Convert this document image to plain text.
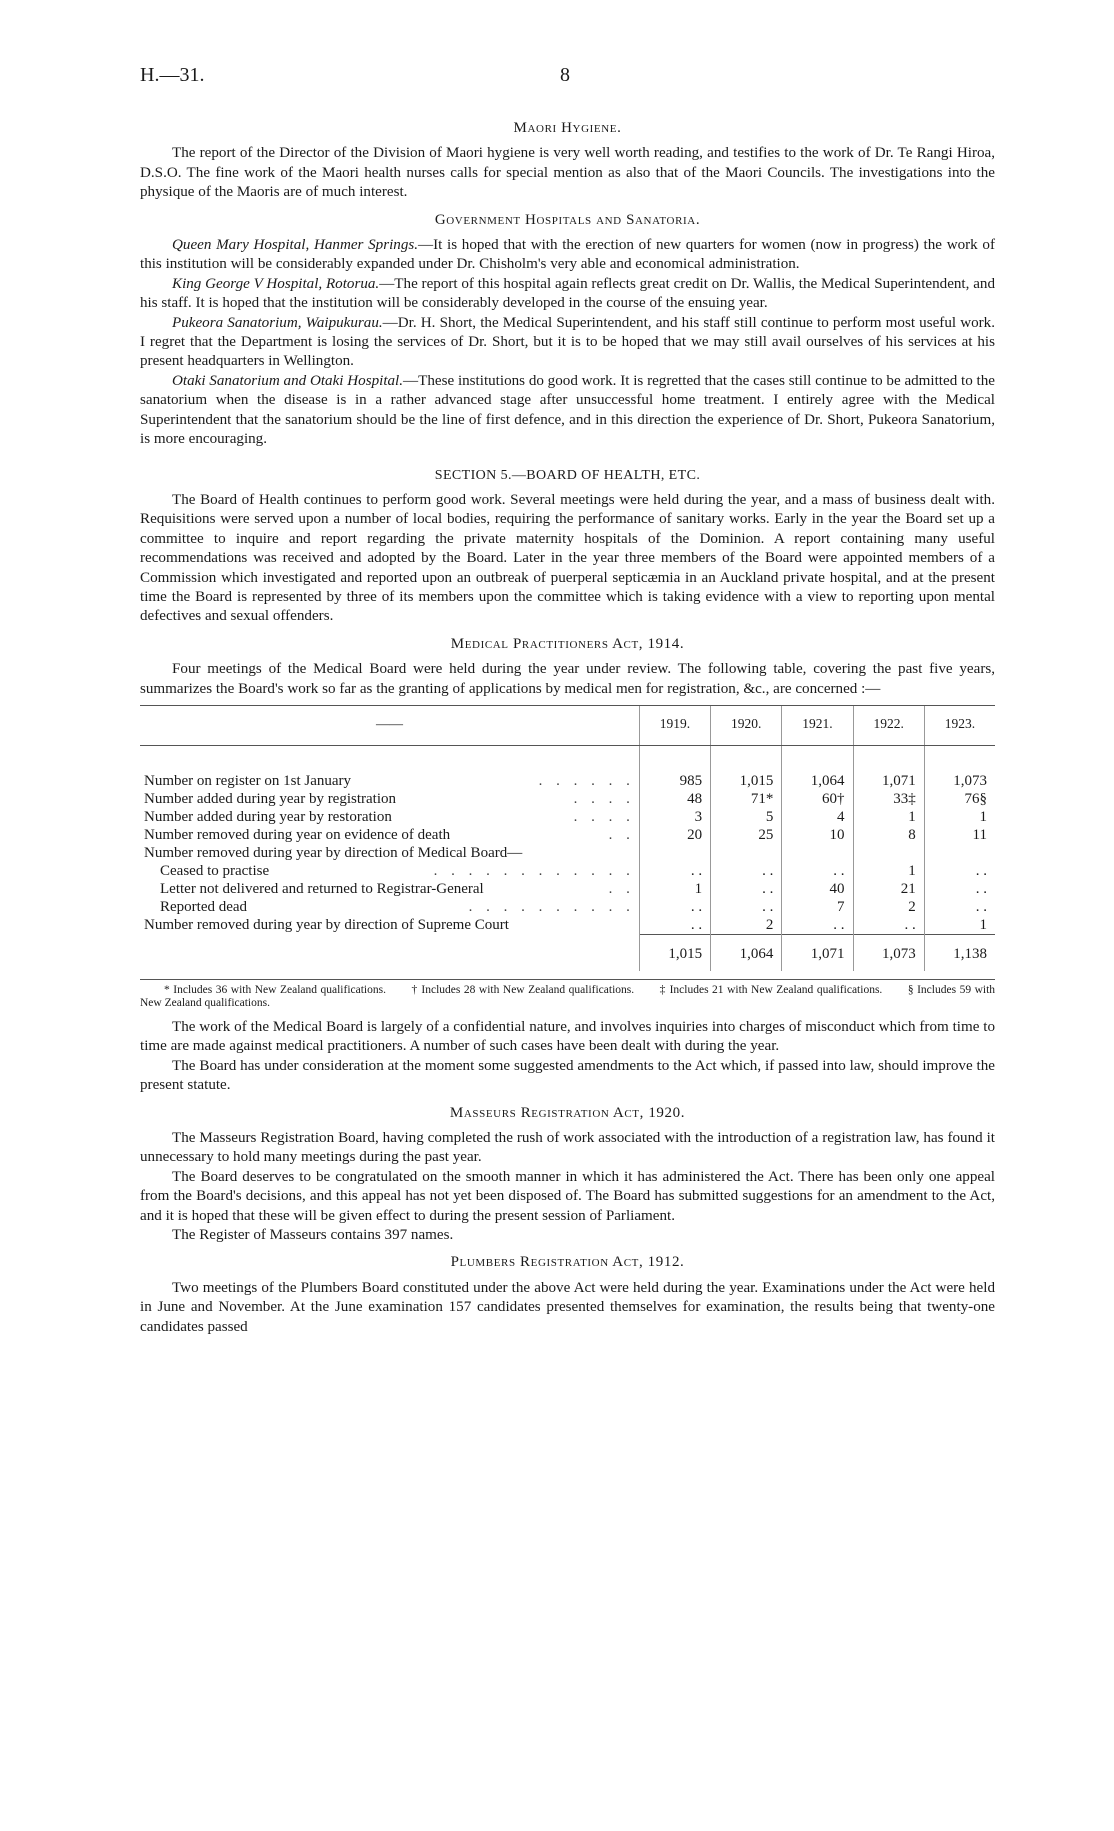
H.—31.	8
Maori Hygiene.

The report of the Director of the Division of Maori hygiene is very well worth reading, and testifies to the work of Dr. Te Rangi Hiroa, D.S.O. The fine work of the Maori health nurses calls for special mention as also that of the Maori Councils. The investigations into the physique of the Maoris are of much interest.

Government Hospitals and Sanatoria.

Queen Mary Hospital, Hanmer Springs.—It is hoped that with the erection of new quarters for women (now in progress) the work of this institution will be considerably expanded under Dr. Chisholm's very able and economical administration.

King George V Hospital, Rotorua.—The report of this hospital again reflects great credit on Dr. Wallis, the Medical Superintendent, and his staff. It is hoped that the institution will be considerably developed in the course of the ensuing year.

Pukeora Sanatorium, Waipukurau.—Dr. H. Short, the Medical Superintendent, and his staff still continue to perform most useful work. I regret that the Department is losing the services of Dr. Short, but it is to be hoped that we may still avail ourselves of his services at his present headquarters in Wellington.

Otaki Sanatorium and Otaki Hospital.—These institutions do good work. It is regretted that the cases still continue to be admitted to the sanatorium when the disease is in a rather advanced stage after unsuccessful home treatment. I entirely agree with the Medical Superintendent that the sanatorium should be the line of first defence, and in this direction the experience of Dr. Short, Pukeora Sanatorium, is more encouraging.

SECTION 5.—BOARD OF HEALTH, ETC.

The Board of Health continues to perform good work. Several meetings were held during the year, and a mass of business dealt with. Requisitions were served upon a number of local bodies, requiring the performance of sanitary works. Early in the year the Board set up a committee to inquire and report regarding the private maternity hospitals of the Dominion. A report containing many useful recommendations was received and adopted by the Board. Later in the year three members of the Board were appointed members of a Commission which investigated and reported upon an outbreak of puerperal septicæmia in an Auckland private hospital, and at the present time the Board is represented by three of its members upon the committee which is taking evidence with a view to reporting upon mental defectives and sexual offenders.

Medical Practitioners Act, 1914.

Four meetings of the Medical Board were held during the year under review. The following table, covering the past five years, summarizes the Board's work so far as the granting of applications by medical men for registration, &c., are concerned :—

——	1919.	1920.	1921.	1922.	1923.

Number on register on 1st January . . . . . .	985	1,015	1,064	1,071	1,073
Number added during year by registration . . . .	48	71*	60†	33‡	76§
Number added during year by restoration . . . .	3	5	4	1	1
Number removed during year on evidence of death . .	20	25	10	8	11
Number removed during year by direction of Medical Board—					
Ceased to practise . . . . . . . . . . . .	. .	. .	. .	1	. .
Letter not delivered and returned to Registrar-General . .	1	. .	40	21	. .
Reported dead . . . . . . . . . .	. .	. .	7	2	. .
Number removed during year by direction of Supreme Court	. .	2	. .	. .	1
	1,015	1,064	1,071	1,073	1,138

* Includes 36 with New Zealand qualifications. † Includes 28 with New Zealand qualifications. ‡ Includes 21 with New Zealand qualifications. § Includes 59 with New Zealand qualifications.

The work of the Medical Board is largely of a confidential nature, and involves inquiries into charges of misconduct which from time to time are made against medical practitioners. A number of such cases have been dealt with during the year.

The Board has under consideration at the moment some suggested amendments to the Act which, if passed into law, should improve the present statute.

Masseurs Registration Act, 1920.

The Masseurs Registration Board, having completed the rush of work associated with the introduction of a registration law, has found it unnecessary to hold many meetings during the past year.

The Board deserves to be congratulated on the smooth manner in which it has administered the Act. There has been only one appeal from the Board's decisions, and this appeal has not yet been disposed of. The Board has submitted suggestions for an amendment to the Act, and it is hoped that these will be given effect to during the present session of Parliament.

The Register of Masseurs contains 397 names.

Plumbers Registration Act, 1912.

Two meetings of the Plumbers Board constituted under the above Act were held during the year. Examinations under the Act were held in June and November. At the June examination 157 candidates presented themselves for examination, the results being that twenty-one candidates passed
